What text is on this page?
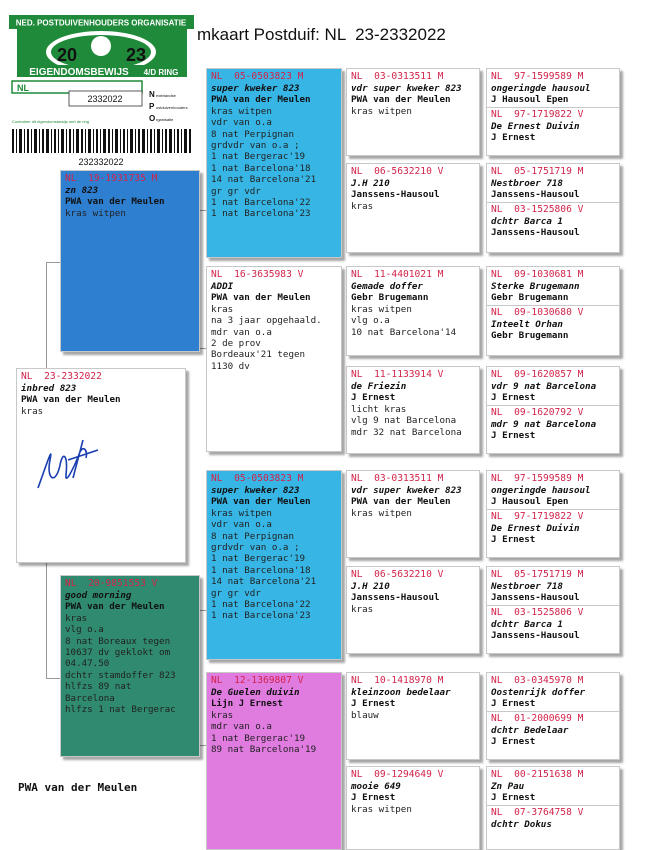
NED. POSTDUIVENHOUDERS ORGANISATIE
20	23
EIGENDOMSBEWIJS 4/D RING
NL
2332022	N ederlandse
P ostduivenhouders
O rganisatie
Controleer dit eigendomsbewijs met de ring
232332022
mkaart Postduif: NL  23-2332022
NL  23-2332022
inbred 823
PWA van der Meulen
kras
NL  19-1931735 M
zn 823
PWA van der Meulen
kras witpen
NL  20-9851553 V
good morning
PWA van der Meulen
kras
vlg o.a
8 nat Boreaux tegen
10637 dv geklokt om
04.47.50
dchtr stamdoffer 823
hlfzs 89 nat
Barcelona
hlfzs 1 nat Bergerac
NL  05-0503823 M
super kweker 823
PWA van der Meulen
kras witpen
vdr van o.a
8 nat Perpignan
grdvdr van o.a ;
1 nat Bergerac'19
1 nat Barcelona'18
14 nat Barcelona'21
gr gr vdr
1 nat Barcelona'22
1 nat Barcelona'23
NL  16-3635983 V
ADDI
PWA van der Meulen
kras
na 3 jaar opgehaald.
mdr van o.a
2 de prov
Bordeaux'21 tegen
1130 dv
NL  05-0503823 M
super kweker 823
PWA van der Meulen
kras witpen
vdr van o.a
8 nat Perpignan
grdvdr van o.a ;
1 nat Bergerac'19
1 nat Barcelona'18
14 nat Barcelona'21
gr gr vdr
1 nat Barcelona'22
1 nat Barcelona'23
NL  12-1369807 V
De Guelen duivin
Lijn J Ernest
kras
mdr van o.a
1 nat Bergerac'19
89 nat Barcelona'19
NL  03-0313511 M
vdr super kweker 823
PWA van der Meulen
kras witpen
NL  06-5632210 V
J.H 210
Janssens-Hausoul
kras
NL  11-4401021 M
Gemade doffer
Gebr Brugemann
kras witpen
vlg o.a
10 nat Barcelona'14
NL  11-1133914 V
de Friezin
J Ernest
licht kras
vlg 9 nat Barcelona
mdr 32 nat Barcelona
NL  03-0313511 M
vdr super kweker 823
PWA van der Meulen
kras witpen
NL  06-5632210 V
J.H 210
Janssens-Hausoul
kras
NL  10-1418970 M
kleinzoon bedelaar
J Ernest
blauw
NL  09-1294649 V
mooie 649
J Ernest
kras witpen
NL  97-1599589 M
ongeringde hausoul
J Hausoul Epen
NL  97-1719822 V
De Ernest Duivin
J Ernest
NL  05-1751719 M
Nestbroer 718
Janssens-Hausoul
NL  03-1525806 V
dchtr Barca 1
Janssens-Hausoul
NL  09-1030681 M
Sterke Brugemann
Gebr Brugemann
NL  09-1030680 V
Inteelt Orhan
Gebr Brugemann
NL  09-1620857 M
vdr 9 nat Barcelona
J Ernest
NL  09-1620792 V
mdr 9 nat Barcelona
J Ernest
NL  97-1599589 M
ongeringde hausoul
J Hausoul Epen
NL  97-1719822 V
De Ernest Duivin
J Ernest
NL  05-1751719 M
Nestbroer 718
Janssens-Hausoul
NL  03-1525806 V
dchtr Barca 1
Janssens-Hausoul
NL  03-0345970 M
Oostenrijk doffer
J Ernest
NL  01-2000699 M
dchtr Bedelaar
J Ernest
NL  00-2151638 M
Zn Pau
J Ernest
NL  07-3764758 V
dchtr Dokus
PWA van der Meulen
